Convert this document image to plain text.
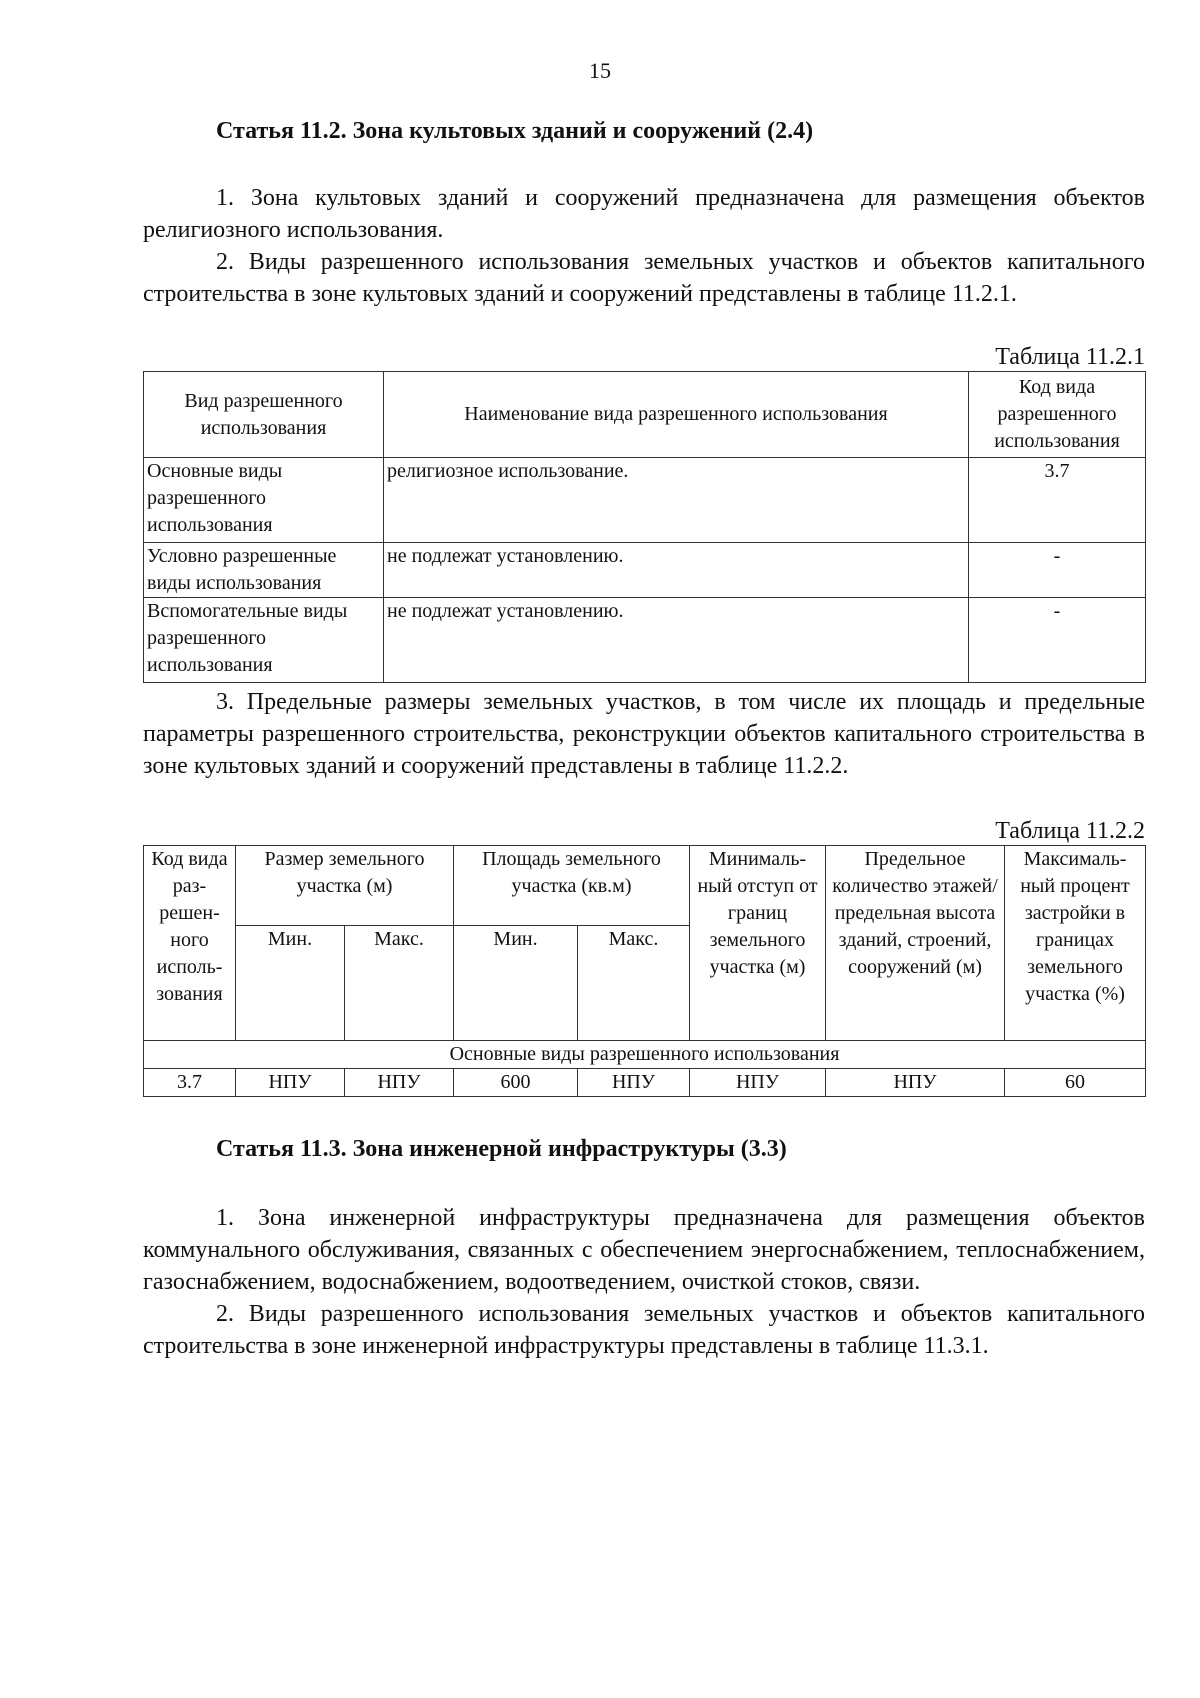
15

Статья 11.2. Зона культовых зданий и сооружений (2.4)

1. Зона культовых зданий и сооружений предназначена для размещения объектов религиозного использования.

2. Виды разрешенного использования земельных участков и объектов капитального строительства в зоне культовых зданий и сооружений представлены в таблице 11.2.1.

Таблица 11.2.1

Вид разрешенного использования	Наименование вида разрешенного использования	Код вида разрешенного использования
Основные виды разрешенного использования	религиозное использование.	3.7
Условно разрешенные виды использования	не подлежат установлению.	-
Вспомогательные виды разрешенного использования	не подлежат установлению.	-

3. Предельные размеры земельных участков, в том числе их площадь и предельные параметры разрешенного строительства, реконструкции объектов капитального строительства в зоне культовых зданий и сооружений представлены в таблице 11.2.2.

Таблица 11.2.2

Код вида раз-решен-ного исполь-зования	Размер земельного участка (м)		Площадь земельного участка (кв.м)		Минималь-ный отступ от границ земельного участка (м)	Предельное количество этажей/ предельная высота зданий, строений, сооружений (м)	Максималь-ный процент застройки в границах земельного участка (%)
	Мин.	Макс.	Мин.	Макс.			
Основные виды разрешенного использования							
3.7	НПУ	НПУ	600	НПУ	НПУ	НПУ	60

Статья 11.3. Зона инженерной инфраструктуры (3.3)

1. Зона инженерной инфраструктуры предназначена для размещения объектов коммунального обслуживания, связанных с обеспечением энергоснабжением, теплоснабжением, газоснабжением, водоснабжением, водоотведением, очисткой стоков, связи.

2. Виды разрешенного использования земельных участков и объектов капитального строительства в зоне инженерной инфраструктуры представлены в таблице 11.3.1.
